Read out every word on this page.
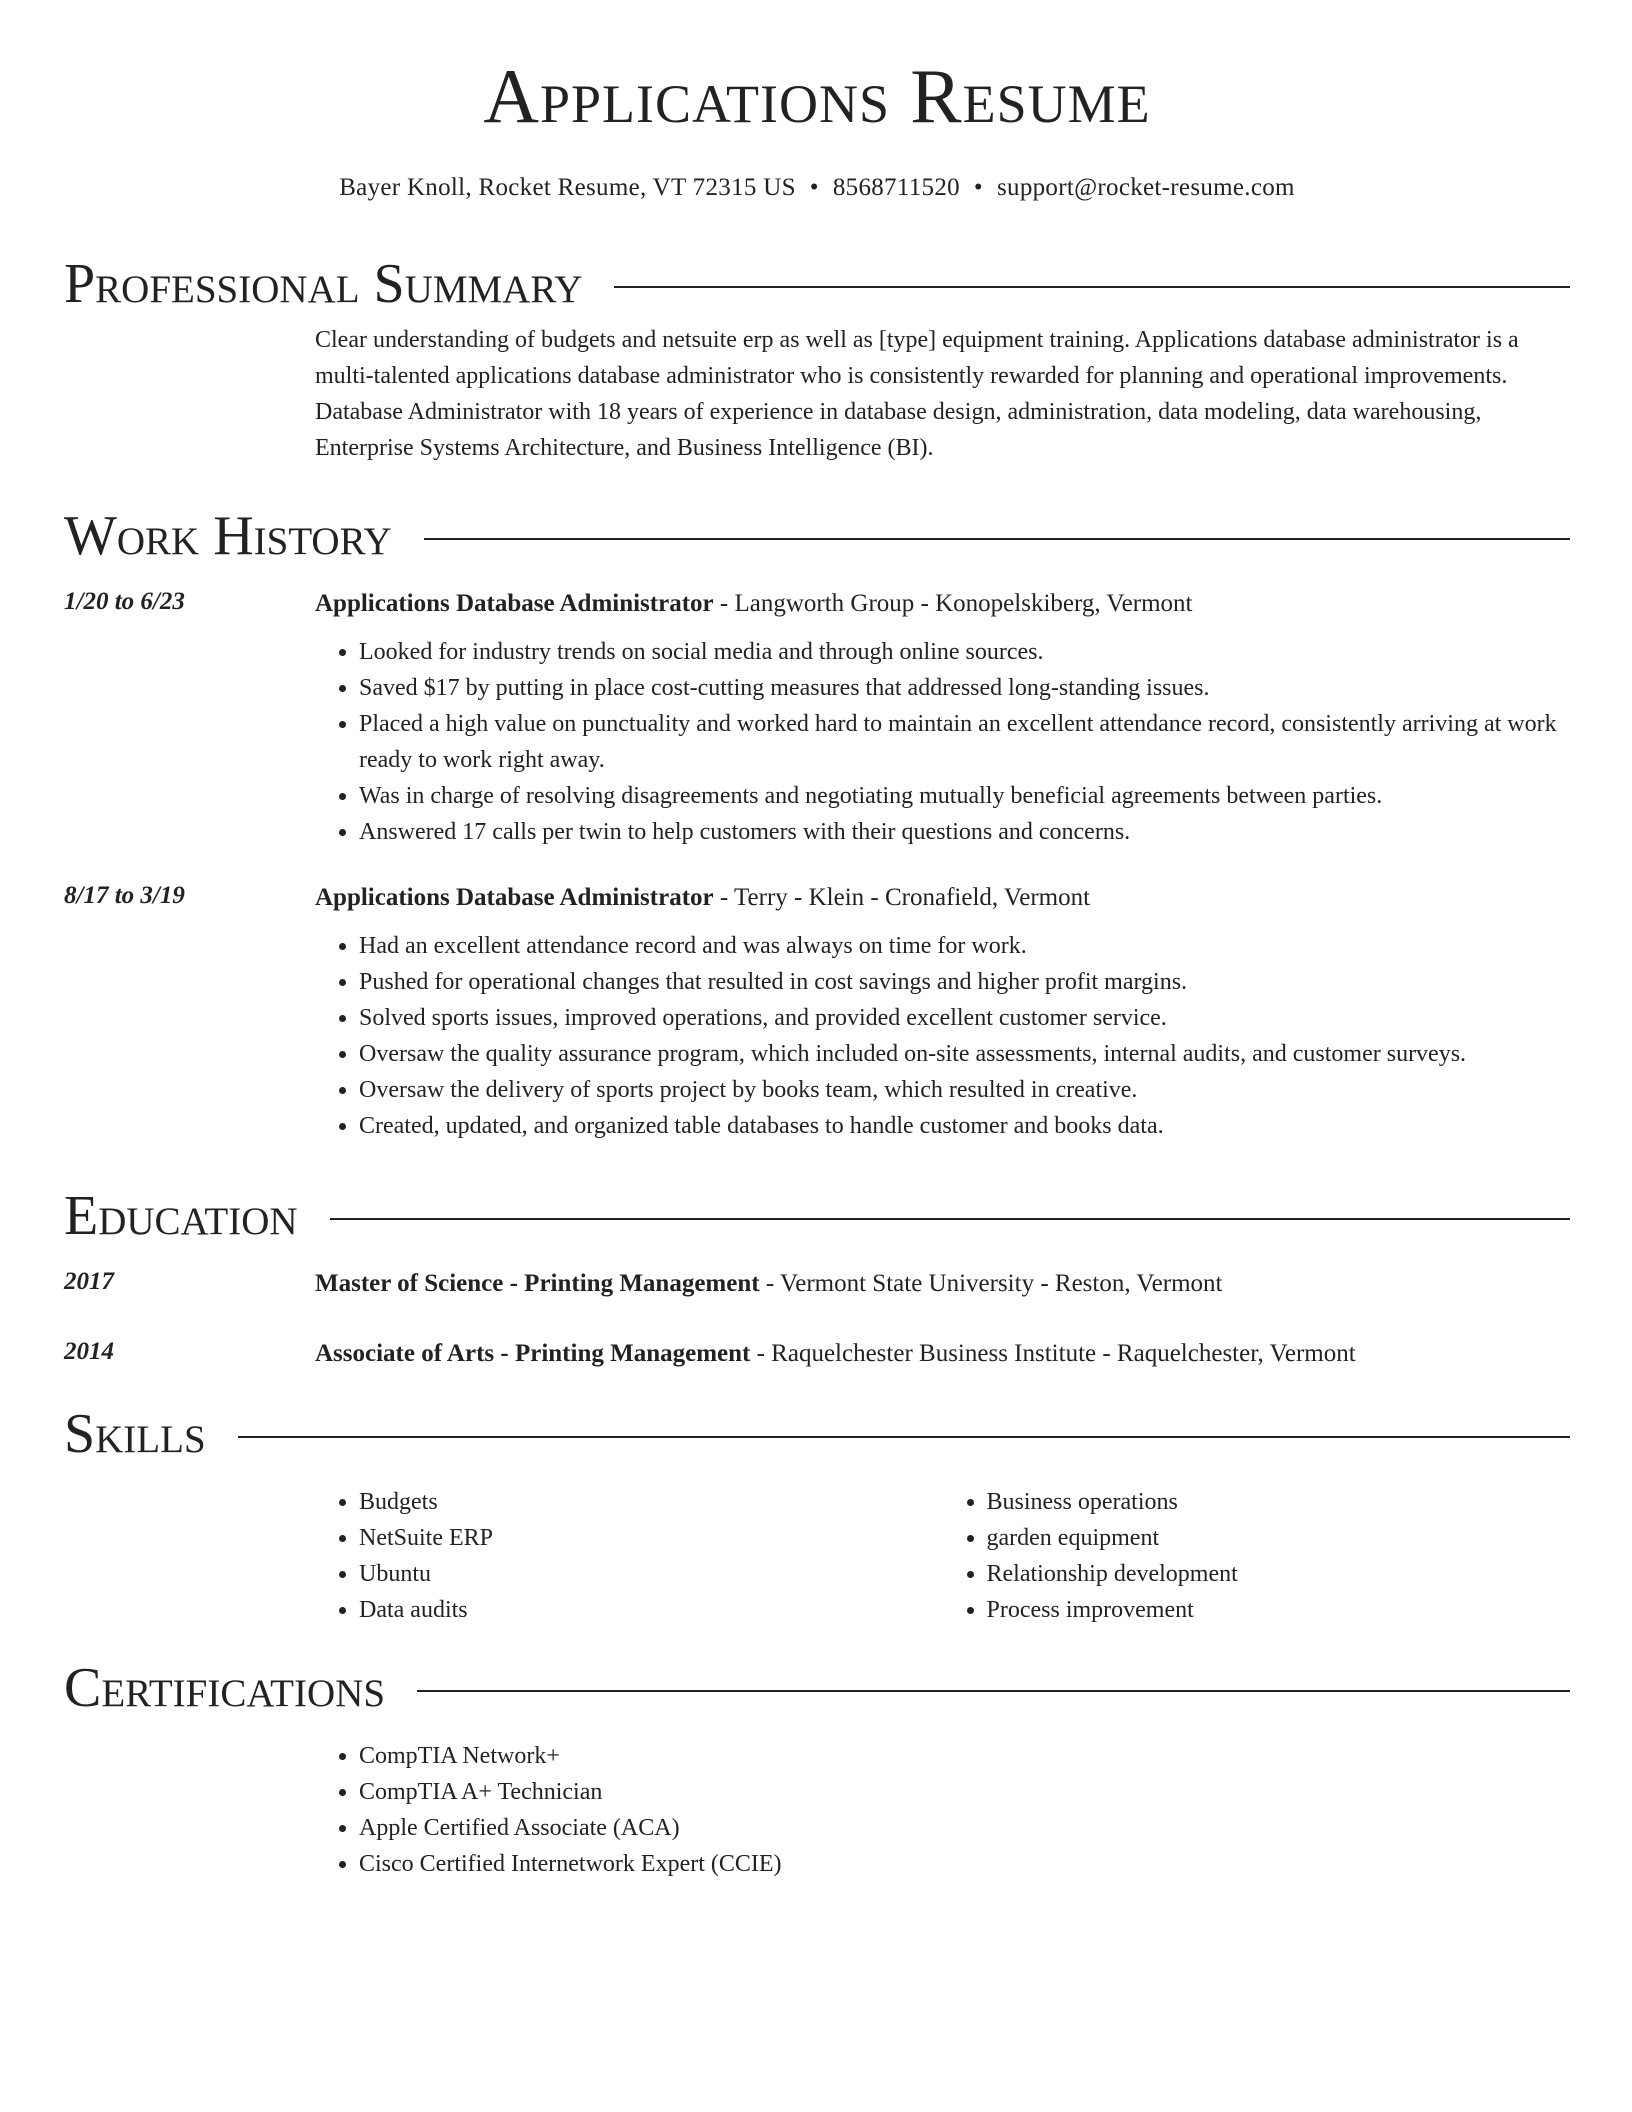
Applications Resume
Bayer Knoll, Rocket Resume, VT 72315 US • 8568711520 • support@rocket-resume.com
Professional Summary
Clear understanding of budgets and netsuite erp as well as [type] equipment training. Applications database administrator is a multi-talented applications database administrator who is consistently rewarded for planning and operational improvements. Database Administrator with 18 years of experience in database design, administration, data modeling, data warehousing, Enterprise Systems Architecture, and Business Intelligence (BI).
Work History
1/20 to 6/23	Applications Database Administrator - Langworth Group - Konopelskiberg, Vermont
• Looked for industry trends on social media and through online sources.
• Saved $17 by putting in place cost-cutting measures that addressed long-standing issues.
• Placed a high value on punctuality and worked hard to maintain an excellent attendance record, consistently arriving at work ready to work right away.
• Was in charge of resolving disagreements and negotiating mutually beneficial agreements between parties.
• Answered 17 calls per twin to help customers with their questions and concerns.
8/17 to 3/19	Applications Database Administrator - Terry - Klein - Cronafield, Vermont
• Had an excellent attendance record and was always on time for work.
• Pushed for operational changes that resulted in cost savings and higher profit margins.
• Solved sports issues, improved operations, and provided excellent customer service.
• Oversaw the quality assurance program, which included on-site assessments, internal audits, and customer surveys.
• Oversaw the delivery of sports project by books team, which resulted in creative.
• Created, updated, and organized table databases to handle customer and books data.
Education
2017	Master of Science - Printing Management - Vermont State University - Reston, Vermont
2014	Associate of Arts - Printing Management - Raquelchester Business Institute - Raquelchester, Vermont
Skills
• Budgets
• NetSuite ERP
• Ubuntu
• Data audits
• Business operations
• garden equipment
• Relationship development
• Process improvement
Certifications
• CompTIA Network+
• CompTIA A+ Technician
• Apple Certified Associate (ACA)
• Cisco Certified Internetwork Expert (CCIE)
